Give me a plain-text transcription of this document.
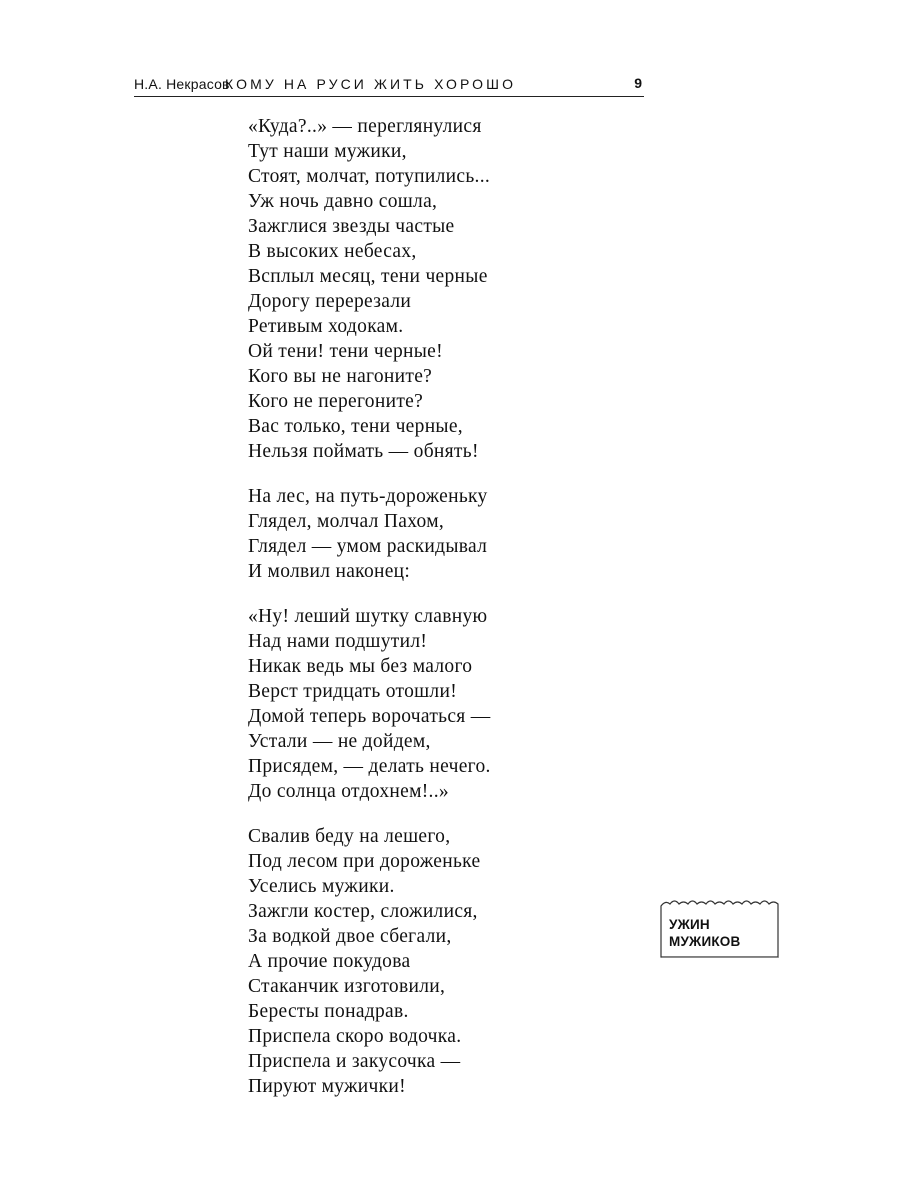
Н.А. Некрасов
КОМУ НА РУСИ ЖИТЬ ХОРОШО	9
«Куда?..» — переглянулися
Тут наши мужики,
Стоят, молчат, потупились...
Уж ночь давно сошла,
Зажглися звезды частые
В высоких небесах,
Всплыл месяц, тени черные
Дорогу перерезали
Ретивым ходокам.
Ой тени! тени черные!
Кого вы не нагоните?
Кого не перегоните?
Вас только, тени черные,
Нельзя поймать — обнять!
На лес, на путь-дороженьку
Глядел, молчал Пахом,
Глядел — умом раскидывал
И молвил наконец:
«Ну! леший шутку славную
Над нами подшутил!
Никак ведь мы без малого
Верст тридцать отошли!
Домой теперь ворочаться —
Устали — не дойдем,
Присядем, — делать нечего.
До солнца отдохнем!..»
Свалив беду на лешего,
Под лесом при дороженьке
Уселись мужики.
Зажгли костер, сложилися,
За водкой двое сбегали,
А прочие покудова
Стаканчик изготовили,
Бересты понадрав.
Приспела скоро водочка.
Приспела и закусочка —
Пируют мужички!
УЖИН
МУЖИКОВ
